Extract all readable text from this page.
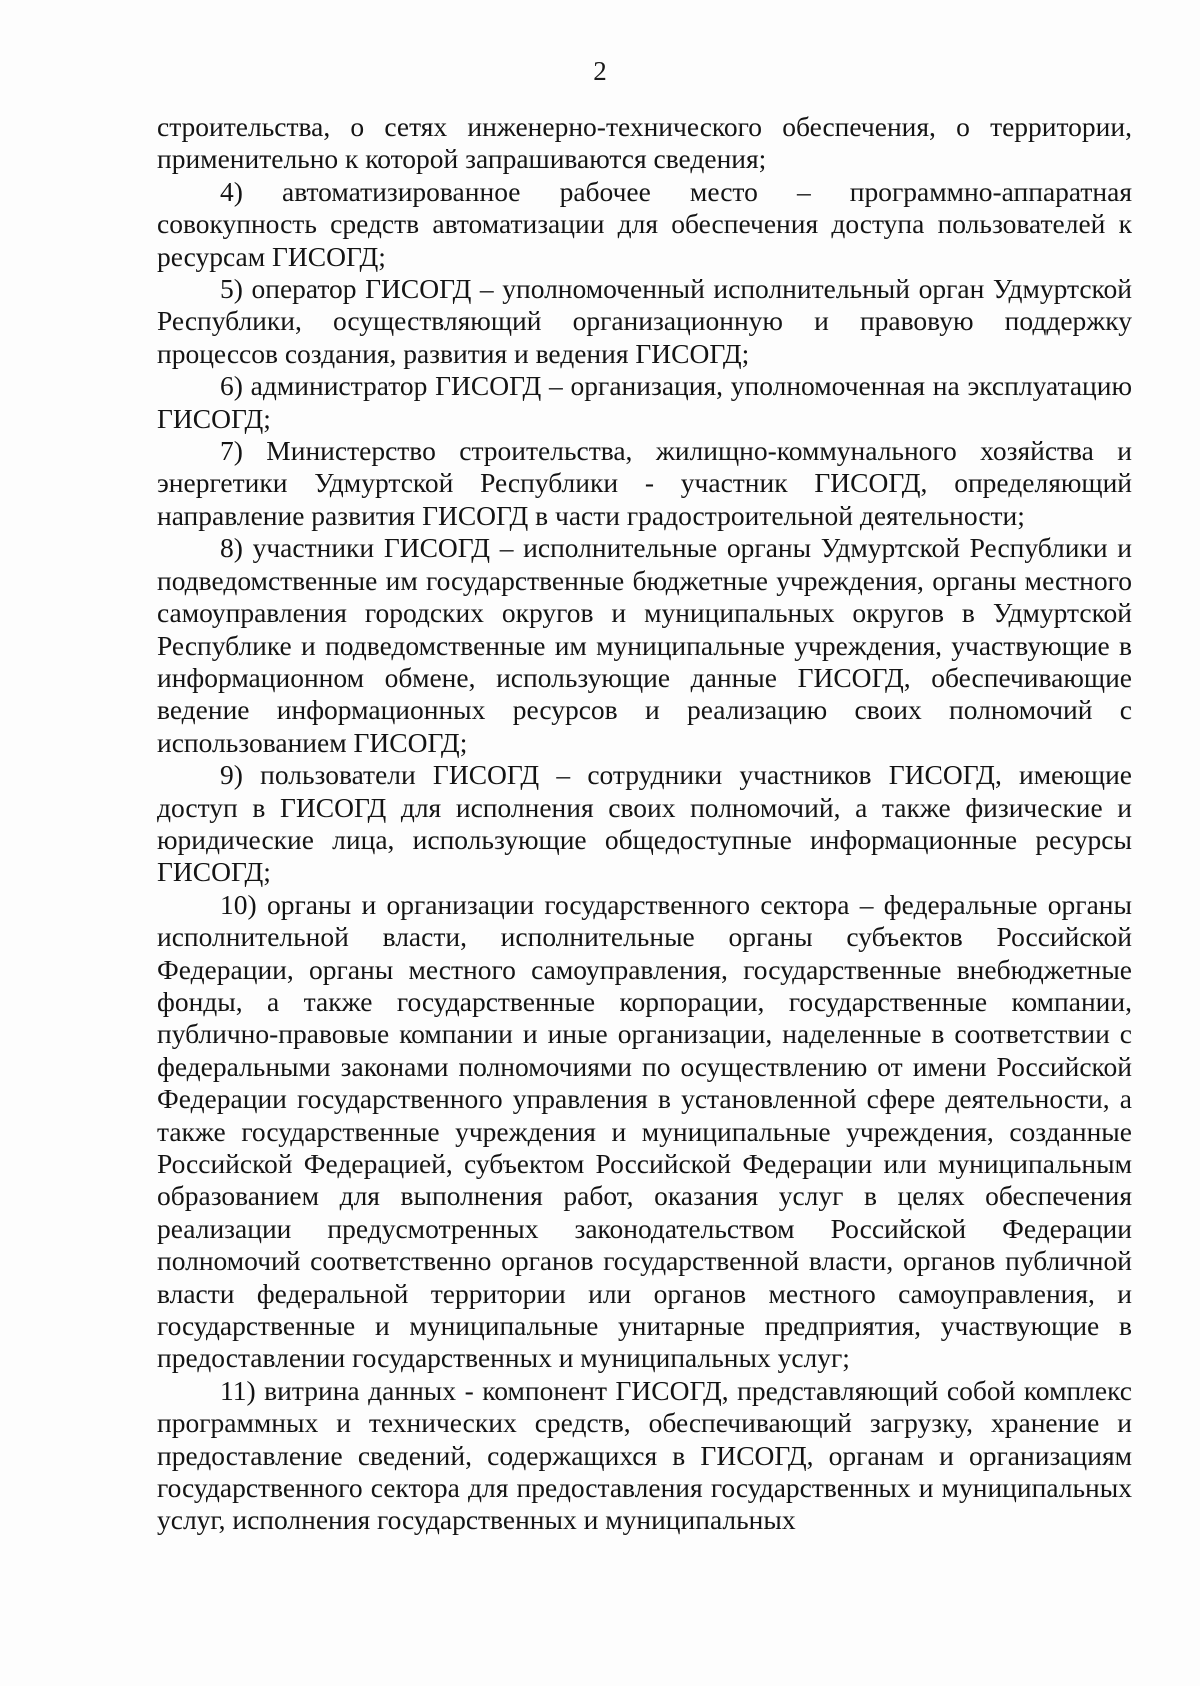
2

строительства, о сетях инженерно-технического обеспечения, о территории, применительно к которой запрашиваются сведения;

4) автоматизированное рабочее место – программно-аппаратная совокупность средств автоматизации для обеспечения доступа пользователей к ресурсам ГИСОГД;

5) оператор ГИСОГД – уполномоченный исполнительный орган Удмуртской Республики, осуществляющий организационную и правовую поддержку процессов создания, развития и ведения ГИСОГД;

6) администратор ГИСОГД – организация, уполномоченная на эксплуатацию ГИСОГД;

7) Министерство строительства, жилищно-коммунального хозяйства и энергетики Удмуртской Республики - участник ГИСОГД, определяющий направление развития ГИСОГД в части градостроительной деятельности;

8) участники ГИСОГД – исполнительные органы Удмуртской Республики и подведомственные им государственные бюджетные учреждения, органы местного самоуправления городских округов и муниципальных округов в Удмуртской Республике и подведомственные им муниципальные учреждения, участвующие в информационном обмене, использующие данные ГИСОГД, обеспечивающие ведение информационных ресурсов и реализацию своих полномочий с использованием ГИСОГД;

9) пользователи ГИСОГД – сотрудники участников ГИСОГД, имеющие доступ в ГИСОГД для исполнения своих полномочий, а также физические и юридические лица, использующие общедоступные информационные ресурсы ГИСОГД;

10) органы и организации государственного сектора – федеральные органы исполнительной власти, исполнительные органы субъектов Российской Федерации, органы местного самоуправления, государственные внебюджетные фонды, а также государственные корпорации, государственные компании, публично-правовые компании и иные организации, наделенные в соответствии с федеральными законами полномочиями по осуществлению от имени Российской Федерации государственного управления в установленной сфере деятельности, а также государственные учреждения и муниципальные учреждения, созданные Российской Федерацией, субъектом Российской Федерации или муниципальным образованием для выполнения работ, оказания услуг в целях обеспечения реализации предусмотренных законодательством Российской Федерации полномочий соответственно органов государственной власти, органов публичной власти федеральной территории или органов местного самоуправления, и государственные и муниципальные унитарные предприятия, участвующие в предоставлении государственных и муниципальных услуг;

11) витрина данных - компонент ГИСОГД, представляющий собой комплекс программных и технических средств, обеспечивающий загрузку, хранение и предоставление сведений, содержащихся в ГИСОГД, органам и организациям государственного сектора для предоставления государственных и муниципальных услуг, исполнения государственных и муниципальных
